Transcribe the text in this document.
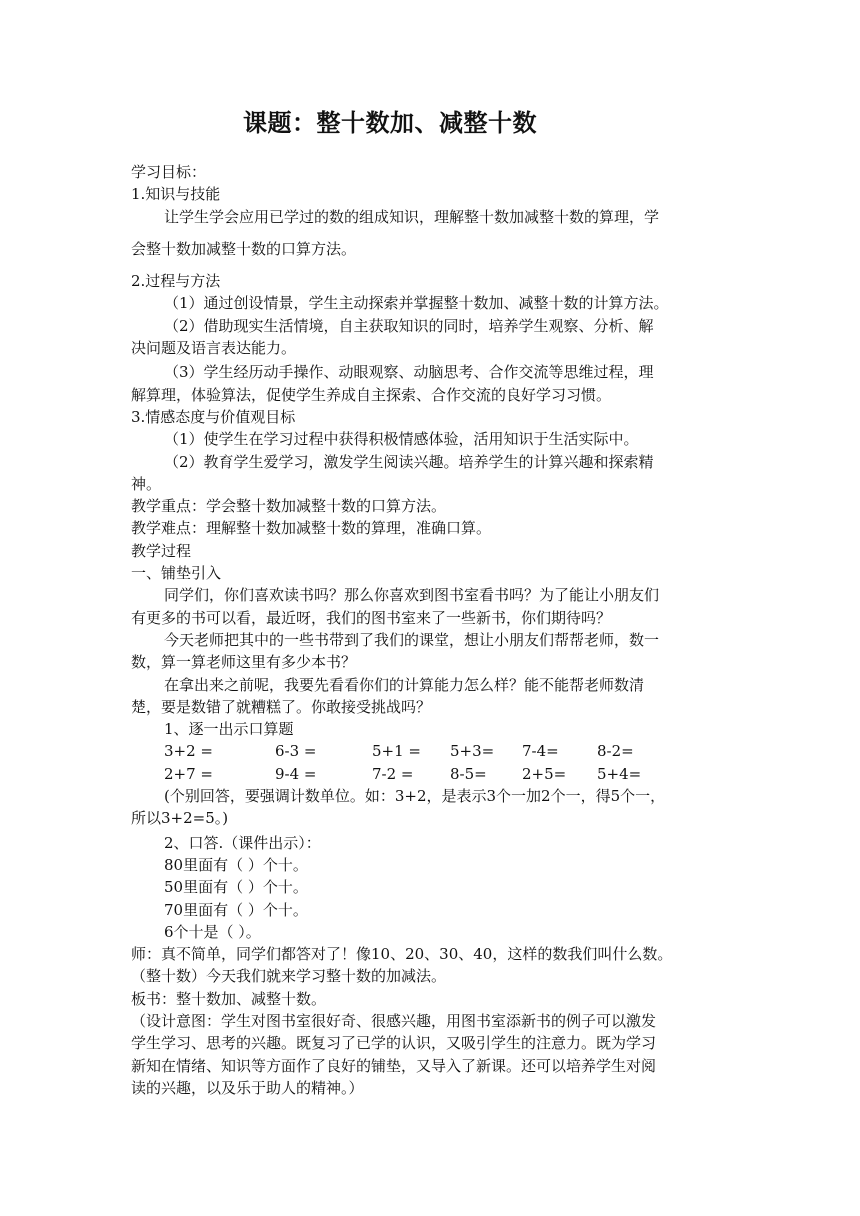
课题：整十数加、减整十数
学习目标：
1.知识与技能
让学生学会应用已学过的数的组成知识，理解整十数加减整十数的算理，学
会整十数加减整十数的口算方法。
2.过程与方法
（1）通过创设情景，学生主动探索并掌握整十数加、减整十数的计算方法。
（2）借助现实生活情境，自主获取知识的同时，培养学生观察、分析、解
决问题及语言表达能力。
（3）学生经历动手操作、动眼观察、动脑思考、合作交流等思维过程，理
解算理，体验算法，促使学生养成自主探索、合作交流的良好学习习惯。
3.情感态度与价值观目标
（1）使学生在学习过程中获得积极情感体验，活用知识于生活实际中。
（2）教育学生爱学习，激发学生阅读兴趣。培养学生的计算兴趣和探索精
神。
教学重点：学会整十数加减整十数的口算方法。
教学难点：理解整十数加减整十数的算理，准确口算。
教学过程
一、铺垫引入
同学们，你们喜欢读书吗？那么你喜欢到图书室看书吗？为了能让小朋友们
有更多的书可以看，最近呀，我们的图书室来了一些新书，你们期待吗？
今天老师把其中的一些书带到了我们的课堂，想让小朋友们帮帮老师，数一
数，算一算老师这里有多少本书？
在拿出来之前呢，我要先看看你们的计算能力怎么样？能不能帮老师数清
楚，要是数错了就糟糕了。你敢接受挑战吗？
1、逐一出示口算题
3+2 =	6-3 =	5+1 =	5+3=	7-4=	8-2=
2+7 =	9-4 =	7-2 =	8-5=	2+5=	5+4=
(个别回答，要强调计数单位。如：3+2，是表示3个一加2个一，得5个一，
所以3+2=5。)
2、口答.（课件出示）：
80里面有（ ）个十。
50里面有（ ）个十。
70里面有（ ）个十。
6个十是（ ）。
师：真不简单，同学们都答对了！像10、20、30、40，这样的数我们叫什么数。
（整十数）今天我们就来学习整十数的加减法。
板书：整十数加、减整十数。
（设计意图：学生对图书室很好奇、很感兴趣，用图书室添新书的例子可以激发
学生学习、思考的兴趣。既复习了已学的认识，又吸引学生的注意力。既为学习
新知在情绪、知识等方面作了良好的铺垫，又导入了新课。还可以培养学生对阅
读的兴趣，以及乐于助人的精神。）
